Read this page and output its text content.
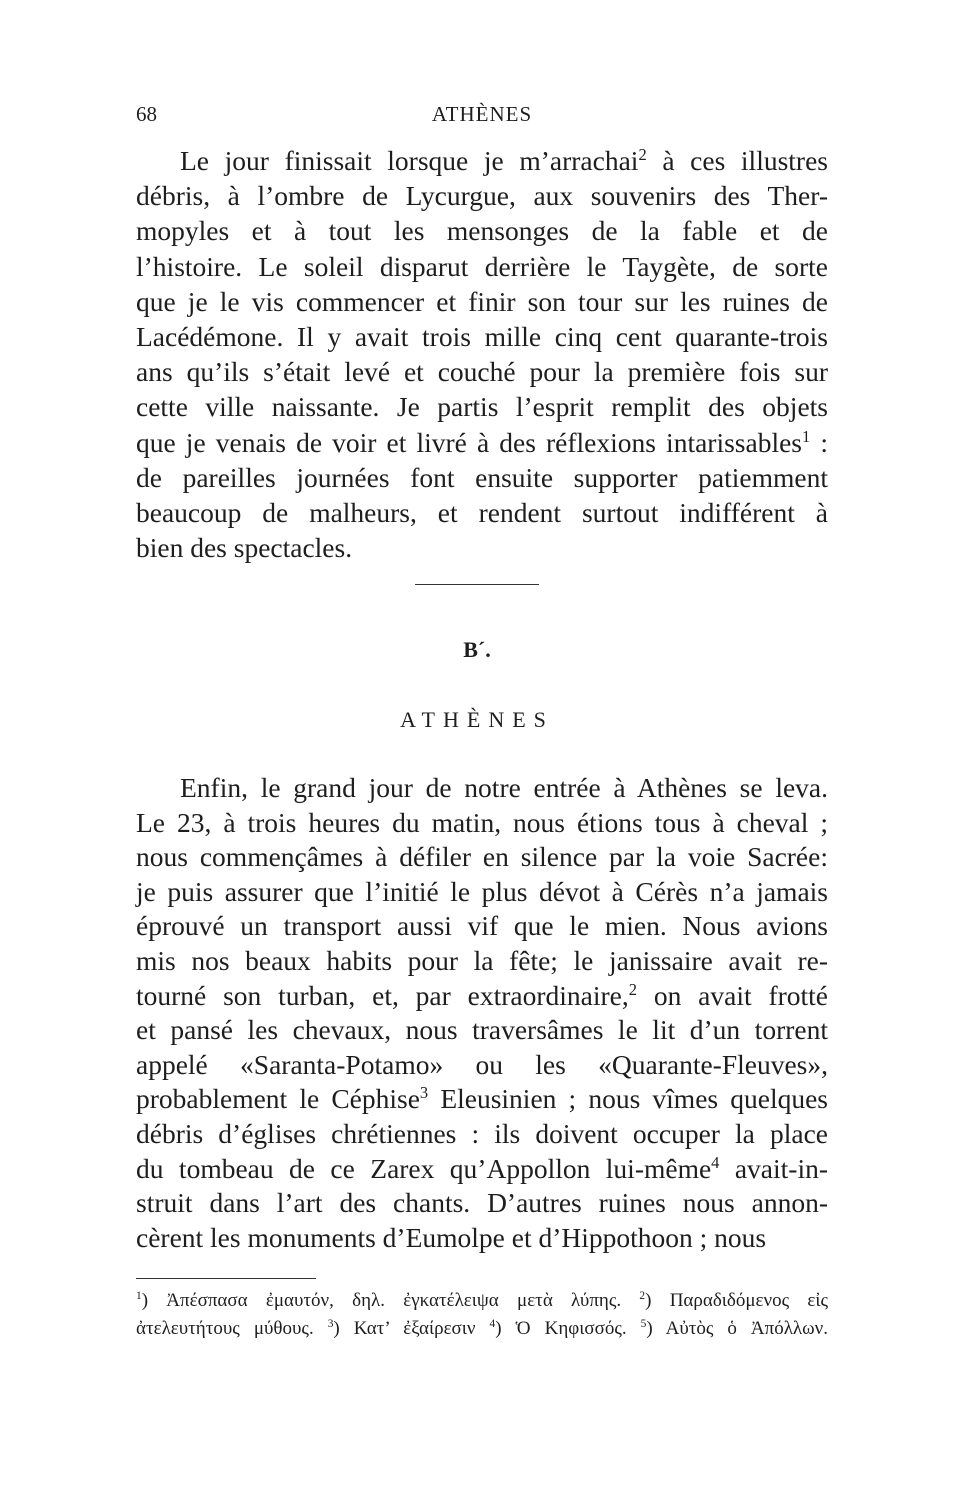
68	ATHÈNES
Le jour finissait lorsque je m’arrachai$^2$ à ces illustres
débris, à l’ombre de Lycurgue, aux souvenirs des Ther-
mopyles et à tout les mensonges de la fable et de
l’histoire. Le soleil disparut derrière le Taygète, de sorte
que je le vis commencer et finir son tour sur les ruines de
Lacédémone. Il y avait trois mille cinq cent quarante-trois
ans qu’ils s’était levé et couché pour la première fois sur
cette ville naissante. Je partis l’esprit remplit des objets
que je venais de voir et livré à des réflexions intarissables$^1$ :
de pareilles journées font ensuite supporter patiemment
beaucoup de malheurs, et rendent surtout indifférent à
bien des spectacles.
B´.
ATHÈNES
Enfin, le grand jour de notre entrée à Athènes se leva.
Le 23, à trois heures du matin, nous étions tous à cheval ;
nous commençâmes à défiler en silence par la voie Sacrée:
je puis assurer que l’initié le plus dévot à Cérès n’a jamais
éprouvé un transport aussi vif que le mien. Nous avions
mis nos beaux habits pour la fête; le janissaire avait re-
tourné son turban, et, par extraordinaire,$^2$ on avait frotté
et pansé les chevaux, nous traversâmes le lit d’un torrent
appelé «Saranta-Potamo» ou les «Quarante-Fleuves»,
probablement le Céphise$^3$ Eleusinien ; nous vîmes quelques
débris d’églises chrétiennes : ils doivent occuper la place
du tombeau de ce Zarex qu’Appollon lui-même$^4$ avait-in-
struit dans l’art des chants. D’autres ruines nous annon-
cèrent les monuments d’Eumolpe et d’Hippothoon ; nous
$^1$) Ἀπέσπασα ἐμαυτόν, δηλ. ἐγκατέλειψα μετὰ λύπης. $^2$) Παραδιδόμενος εἰς
ἀτελευτήτους μύθους. $^3$) Κατ’ ἐξαίρεσιν $^4$) Ὁ Κηφισσός. $^5$) Αὐτὸς ὁ Ἀπόλλων.
